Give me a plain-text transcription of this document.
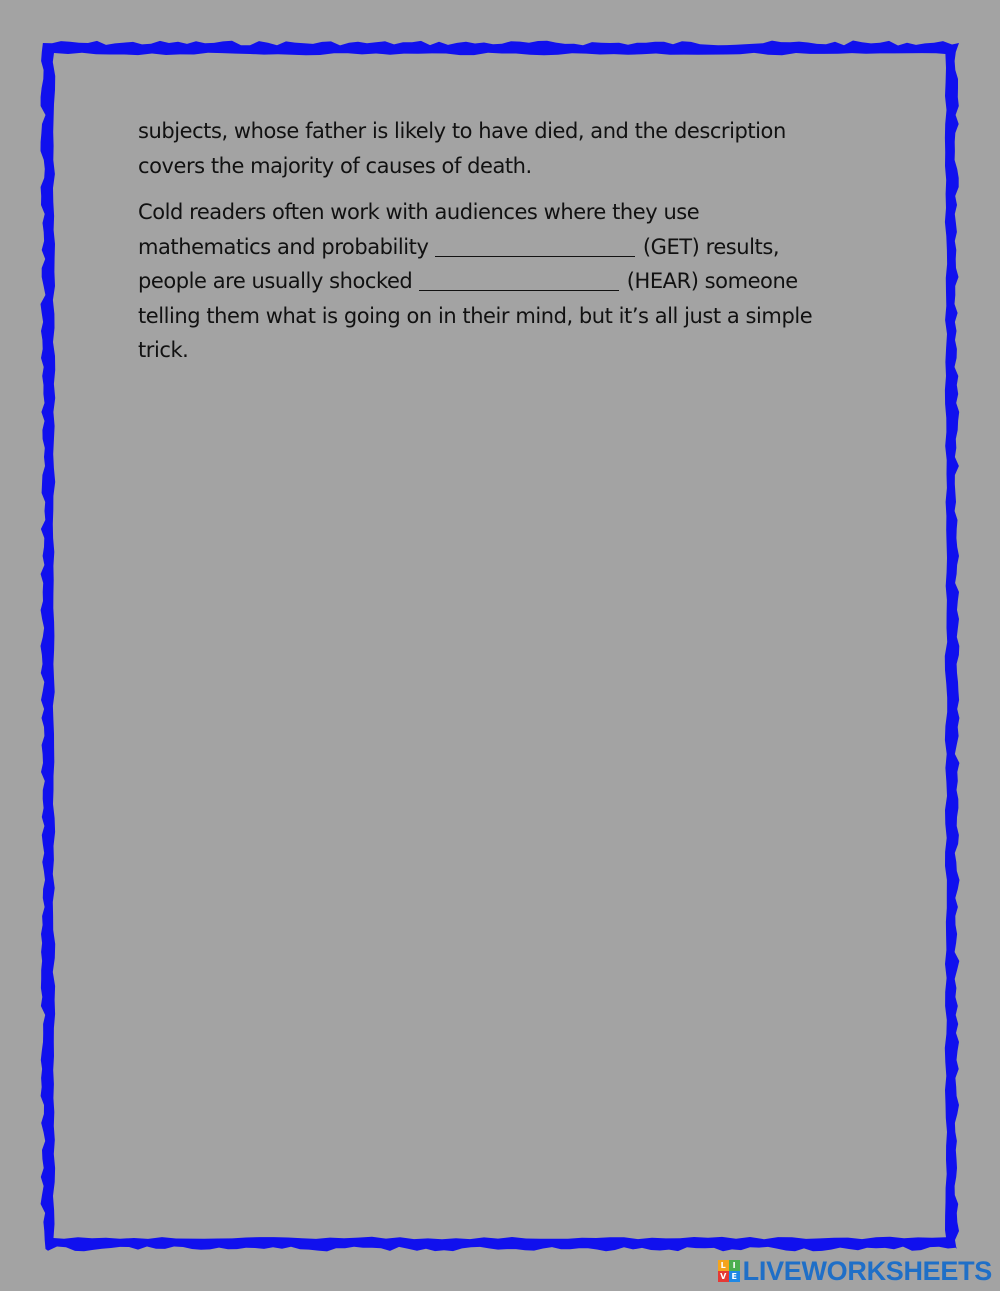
subjects, whose father is likely to have died, and the description
covers the majority of causes of death.

Cold readers often work with audiences where they use
mathematics and probability	(GET) results,
people are usually shocked	(HEAR) someone
telling them what is going on in their mind, but it’s all just a simple
trick.

L I
V E LIVEWORKSHEETS
